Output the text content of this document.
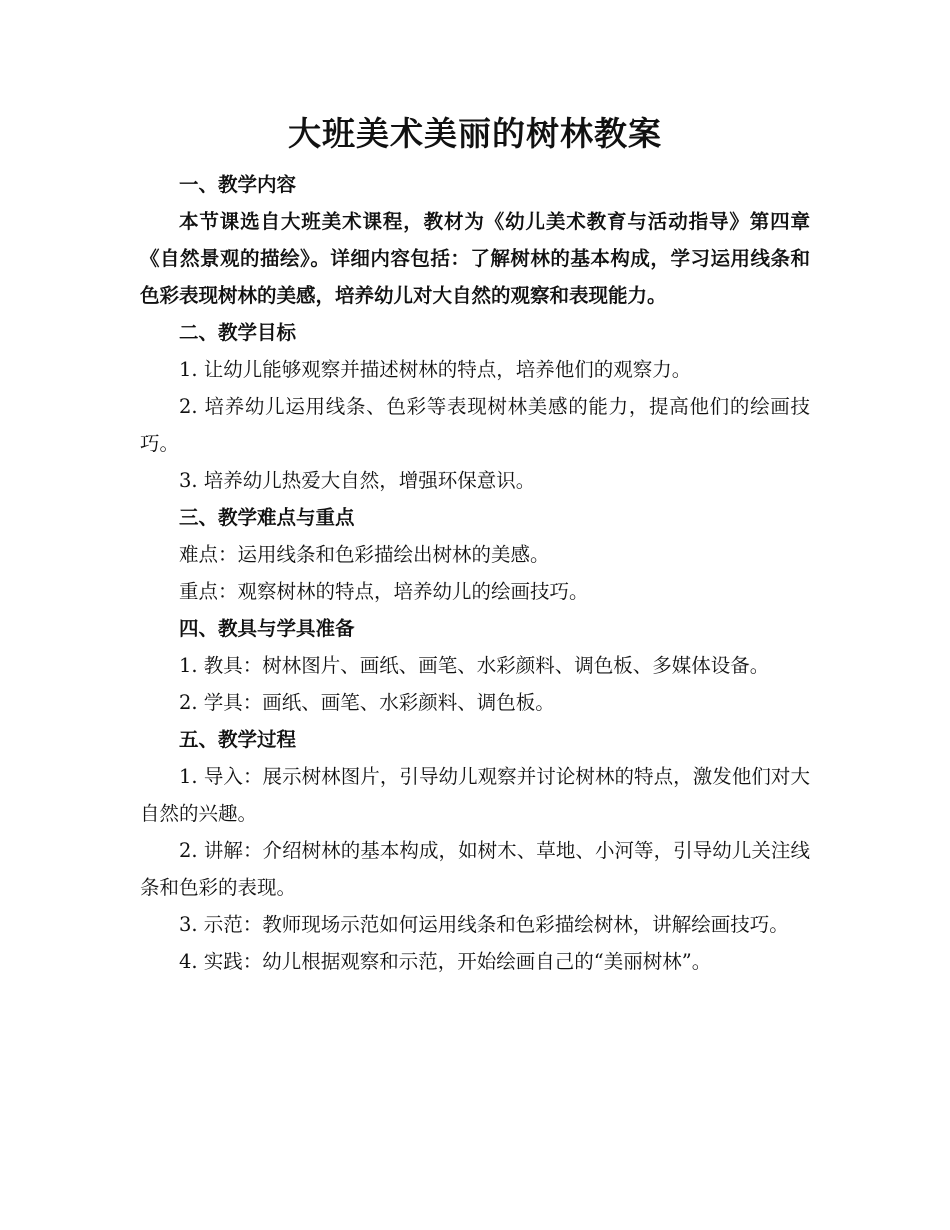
大班美术美丽的树林教案

一、教学内容

本节课选自大班美术课程，教材为《幼儿美术教育与活动指导》第四章《自然景观的描绘》。详细内容包括：了解树林的基本构成，学习运用线条和色彩表现树林的美感，培养幼儿对大自然的观察和表现能力。

二、教学目标

1. 让幼儿能够观察并描述树林的特点，培养他们的观察力。

2. 培养幼儿运用线条、色彩等表现树林美感的能力，提高他们的绘画技巧。

3. 培养幼儿热爱大自然，增强环保意识。

三、教学难点与重点

难点：运用线条和色彩描绘出树林的美感。

重点：观察树林的特点，培养幼儿的绘画技巧。

四、教具与学具准备

1. 教具：树林图片、画纸、画笔、水彩颜料、调色板、多媒体设备。

2. 学具：画纸、画笔、水彩颜料、调色板。

五、教学过程

1. 导入：展示树林图片，引导幼儿观察并讨论树林的特点，激发他们对大自然的兴趣。

2. 讲解：介绍树林的基本构成，如树木、草地、小河等，引导幼儿关注线条和色彩的表现。

3. 示范：教师现场示范如何运用线条和色彩描绘树林，讲解绘画技巧。

4. 实践：幼儿根据观察和示范，开始绘画自己的“美丽树林”。
